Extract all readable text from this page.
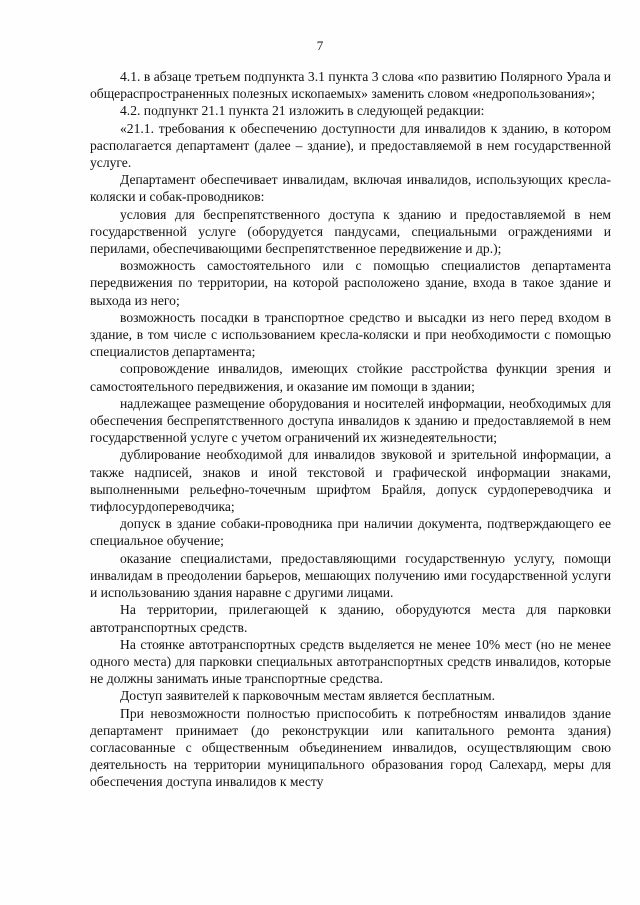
7

4.1. в абзаце третьем подпункта 3.1 пункта 3 слова «по развитию Полярного Урала и общераспространенных полезных ископаемых» заменить словом «недропользования»;

4.2. подпункт 21.1 пункта 21 изложить в следующей редакции:

«21.1. требования к обеспечению доступности для инвалидов к зданию, в котором располагается департамент (далее – здание), и предоставляемой в нем государственной услуге.

Департамент обеспечивает инвалидам, включая инвалидов, использующих кресла-коляски и собак-проводников:

условия для беспрепятственного доступа к зданию и предоставляемой в нем государственной услуге (оборудуется пандусами, специальными ограждениями и перилами, обеспечивающими беспрепятственное передвижение и др.);

возможность самостоятельного или с помощью специалистов департамента передвижения по территории, на которой расположено здание, входа в такое здание и выхода из него;

возможность посадки в транспортное средство и высадки из него перед входом в здание, в том числе с использованием кресла-коляски и при необходимости с помощью специалистов департамента;

сопровождение инвалидов, имеющих стойкие расстройства функции зрения и самостоятельного передвижения, и оказание им помощи в здании;

надлежащее размещение оборудования и носителей информации, необходимых для обеспечения беспрепятственного доступа инвалидов к зданию и предоставляемой в нем государственной услуге с учетом ограничений их жизнедеятельности;

дублирование необходимой для инвалидов звуковой и зрительной информации, а также надписей, знаков и иной текстовой и графической информации знаками, выполненными рельефно-точечным шрифтом Брайля, допуск сурдопереводчика и тифлосурдопереводчика;

допуск в здание собаки-проводника при наличии документа, подтверждающего ее специальное обучение;

оказание специалистами, предоставляющими государственную услугу, помощи инвалидам в преодолении барьеров, мешающих получению ими государственной услуги и использованию здания наравне с другими лицами.

На территории, прилегающей к зданию, оборудуются места для парковки автотранспортных средств.

На стоянке автотранспортных средств выделяется не менее 10% мест (но не менее одного места) для парковки специальных автотранспортных средств инвалидов, которые не должны занимать иные транспортные средства.

Доступ заявителей к парковочным местам является бесплатным.

При невозможности полностью приспособить к потребностям инвалидов здание департамент принимает (до реконструкции или капитального ремонта здания) согласованные с общественным объединением инвалидов, осуществляющим свою деятельность на территории муниципального образования город Салехард, меры для обеспечения доступа инвалидов к месту
